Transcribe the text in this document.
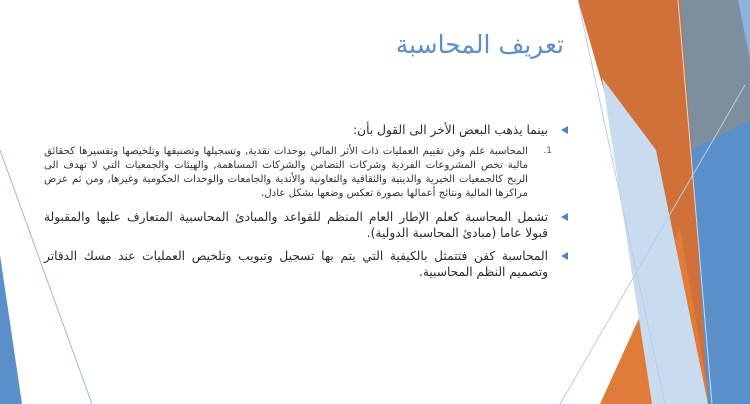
تعريف المحاسبة
بينما يذهب البعض الأخر الى القول بأن:
1.
المحاسبة علم وفن تقييم العمليات ذات الأثر المالي بوحدات نقدية, وتسجيلها وتصنيفها وتلخيصها وتفسيرها كحقائق مالية تخص المشروعات الفردية وشركات التضامن والشركات المساهمة, والهيئات والجمعيات التي لا تهدف الى الربح كالجمعيات الخيرية والدينية والثقافية والتعاونية والأندية والجامعات والوحدات الحكومية وغيرها, ومن ثم عرض مراكزها المالية ونتائج أعمالها بصورة تعكس وضعها بشكل عادل.
تشمل المحاسبة كعلم الإطار العام المنظم للقواعد والمبادئ المحاسبية المتعارف عليها والمقبولة قبولا عاما (مبادئ المحاسبة الدولية).
المحاسبة كفن فتتمثل بالكيفية التي يتم بها تسجيل وتبويب وتلخيص العمليات عند مسك الدفاتر وتصميم النظم المحاسبية.
